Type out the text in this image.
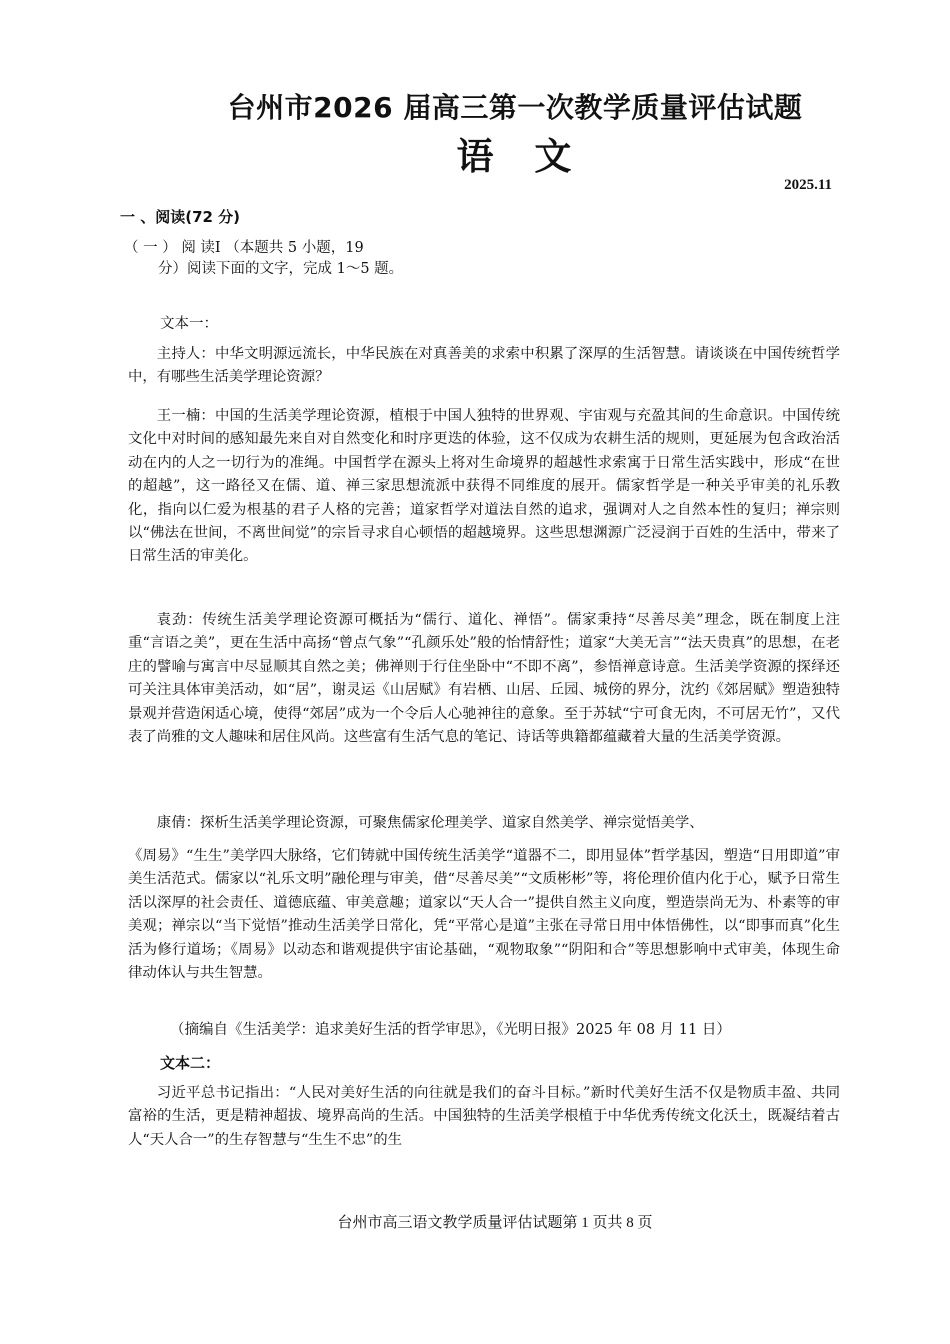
台州市2026 届高三第一次教学质量评估试题
语 文
2025.11
一 、阅读(72 分)
（ 一 ） 阅 读Ⅰ （本题共 5 小题，19
分）阅读下面的文字，完成 1～5 题。
文本一：

主持人：中华文明源远流长，中华民族在对真善美的求索中积累了深厚的生活智慧。请谈谈在中国传统哲学中，有哪些生活美学理论资源？

王一楠：中国的生活美学理论资源，植根于中国人独特的世界观、宇宙观与充盈其间的生命意识。中国传统文化中对时间的感知最先来自对自然变化和时序更迭的体验，这不仅成为农耕生活的规则，更延展为包含政治活动在内的人之一切行为的准绳。中国哲学在源头上将对生命境界的超越性求索寓于日常生活实践中，形成“在世的超越”，这一路径又在儒、道、禅三家思想流派中获得不同维度的展开。儒家哲学是一种关乎审美的礼乐教化，指向以仁爱为根基的君子人格的完善；道家哲学对道法自然的追求，强调对人之自然本性的复归；禅宗则以“佛法在世间，不离世间觉”的宗旨寻求自心顿悟的超越境界。这些思想渊源广泛浸润于百姓的生活中，带来了日常生活的审美化。

袁劲：传统生活美学理论资源可概括为“儒行、道化、禅悟”。儒家秉持“尽善尽美”理念，既在制度上注重“言语之美”，更在生活中高扬“曾点气象”“孔颜乐处”般的怡情舒性；道家“大美无言”“法天贵真”的思想，在老庄的譬喻与寓言中尽显顺其自然之美；佛禅则于行住坐卧中“不即不离”，参悟禅意诗意。生活美学资源的探绎还可关注具体审美活动，如“居”，谢灵运《山居赋》有岩栖、山居、丘园、城傍的界分，沈约《郊居赋》塑造独特景观并营造闲适心境，使得“郊居”成为一个令后人心驰神往的意象。至于苏轼“宁可食无肉，不可居无竹”，又代表了尚雅的文人趣味和居住风尚。这些富有生活气息的笔记、诗话等典籍都蕴藏着大量的生活美学资源。

康倩：探析生活美学理论资源，可聚焦儒家伦理美学、道家自然美学、禅宗觉悟美学、

《周易》“生生”美学四大脉络，它们铸就中国传统生活美学“道器不二，即用显体”哲学基因，塑造“日用即道”审美生活范式。儒家以“礼乐文明”融伦理与审美，借“尽善尽美”“文质彬彬”等，将伦理价值内化于心，赋予日常生活以深厚的社会责任、道德底蕴、审美意趣；道家以“天人合一”提供自然主义向度，塑造崇尚无为、朴素等的审美观；禅宗以“当下觉悟”推动生活美学日常化，凭“平常心是道”主张在寻常日用中体悟佛性，以“即事而真”化生活为修行道场；《周易》以动态和谐观提供宇宙论基础，“观物取象”“阴阳和合”等思想影响中式审美，体现生命律动体认与共生智慧。

（摘编自《生活美学：追求美好生活的哲学审思》，《光明日报》2025 年 08 月 11 日）
文本二：

习近平总书记指出：“人民对美好生活的向往就是我们的奋斗目标。”新时代美好生活不仅是物质丰盈、共同富裕的生活，更是精神超拔、境界高尚的生活。中国独特的生活美学根植于中华优秀传统文化沃土，既凝结着古人“天人合一”的生存智慧与“生生不忠”的生

台州市高三语文教学质量评估试题第 1 页共 8 页
